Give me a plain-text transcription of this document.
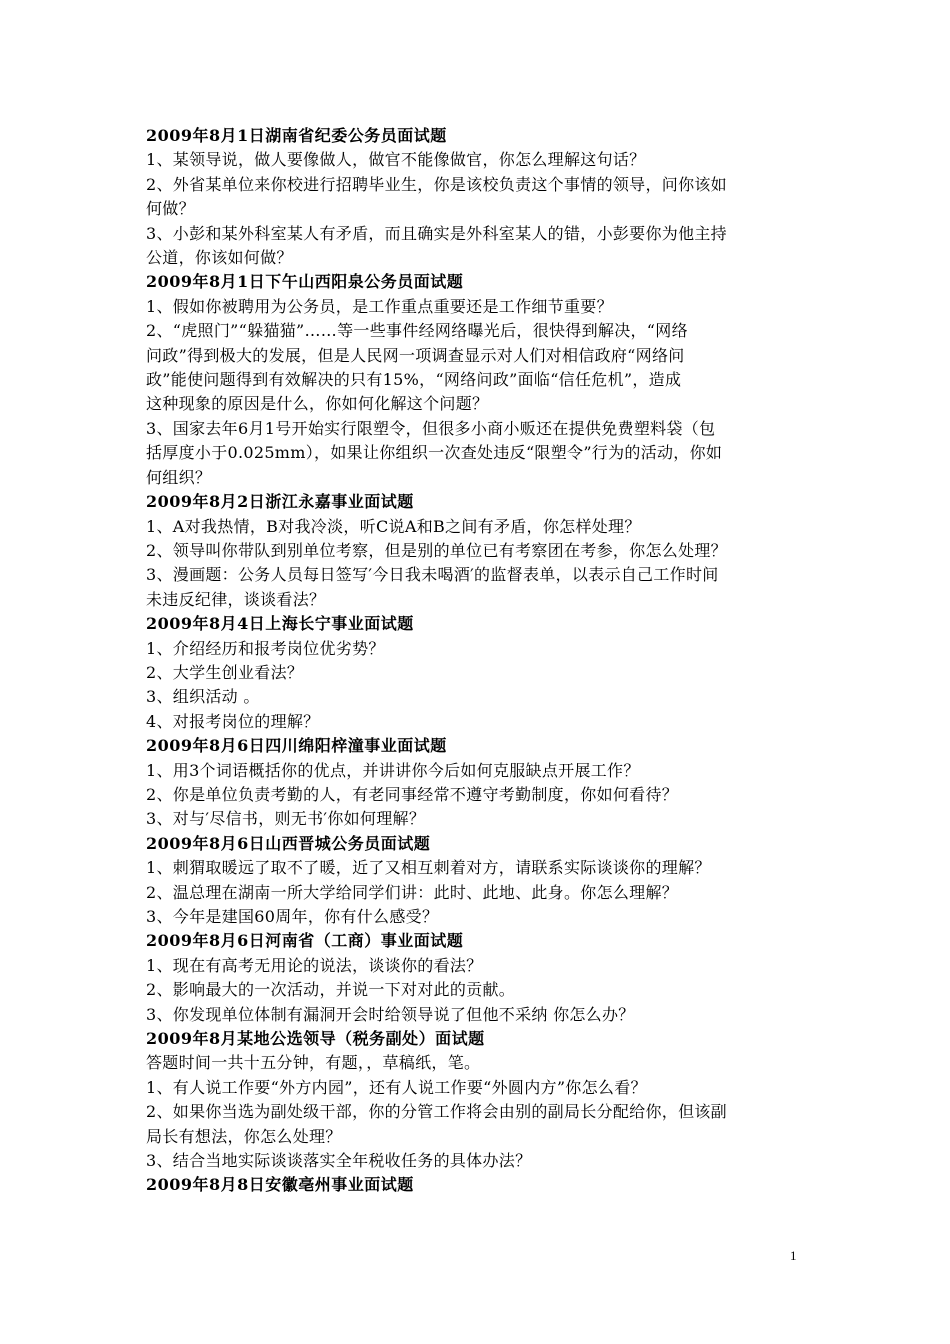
2009年8月1日湖南省纪委公务员面试题
1、某领导说，做人要像做人，做官不能像做官，你怎么理解这句话？
2、外省某单位来你校进行招聘毕业生，你是该校负责这个事情的领导，问你该如
何做？
3、小彭和某外科室某人有矛盾，而且确实是外科室某人的错，小彭要你为他主持
公道，你该如何做？
2009年8月1日下午山西阳泉公务员面试题
1、假如你被聘用为公务员，是工作重点重要还是工作细节重要？
2、“虎照门”“躲猫猫”……等一些事件经网络曝光后，很快得到解决，“网络
问政”得到极大的发展，但是人民网一项调查显示对人们对相信政府“网络问
政”能使问题得到有效解决的只有15%，“网络问政”面临“信任危机”，造成
这种现象的原因是什么，你如何化解这个问题？
3、国家去年6月1号开始实行限塑令，但很多小商小贩还在提供免费塑料袋（包
括厚度小于0.025mm），如果让你组织一次查处违反“限塑令”行为的活动，你如
何组织？
2009年8月2日浙江永嘉事业面试题
1、A对我热情，B对我冷淡，听C说A和B之间有矛盾，你怎样处理？
2、领导叫你带队到别单位考察，但是别的单位已有考察团在考参，你怎么处理？
3、漫画题：公务人员每日签写′今日我未喝酒′的监督表单，以表示自己工作时间
未违反纪律，谈谈看法？
2009年8月4日上海长宁事业面试题
1、介绍经历和报考岗位优劣势？
2、大学生创业看法？
3、组织活动 。
4、对报考岗位的理解？
2009年8月6日四川绵阳梓潼事业面试题
1、用3个词语概括你的优点，并讲讲你今后如何克服缺点开展工作？
2、你是单位负责考勤的人，有老同事经常不遵守考勤制度，你如何看待？
3、对与′尽信书，则无书′你如何理解？
2009年8月6日山西晋城公务员面试题
1、刺猬取暖远了取不了暖，近了又相互刺着对方，请联系实际谈谈你的理解？
2、温总理在湖南一所大学给同学们讲：此时、此地、此身。你怎么理解？
3、今年是建国60周年，你有什么感受？
2009年8月6日河南省（工商）事业面试题
1、现在有高考无用论的说法，谈谈你的看法？
2、影响最大的一次活动，并说一下对对此的贡献。
3、你发现单位体制有漏洞开会时给领导说了但他不采纳 你怎么办？
2009年8月某地公选领导（税务副处）面试题
答题时间一共十五分钟，有题，，草稿纸，笔。
1、有人说工作要“外方内园”，还有人说工作要“外圆内方”你怎么看？
2、如果你当选为副处级干部，你的分管工作将会由别的副局长分配给你，但该副
局长有想法，你怎么处理？
3、结合当地实际谈谈落实全年税收任务的具体办法？
2009年8月8日安徽亳州事业面试题
1
